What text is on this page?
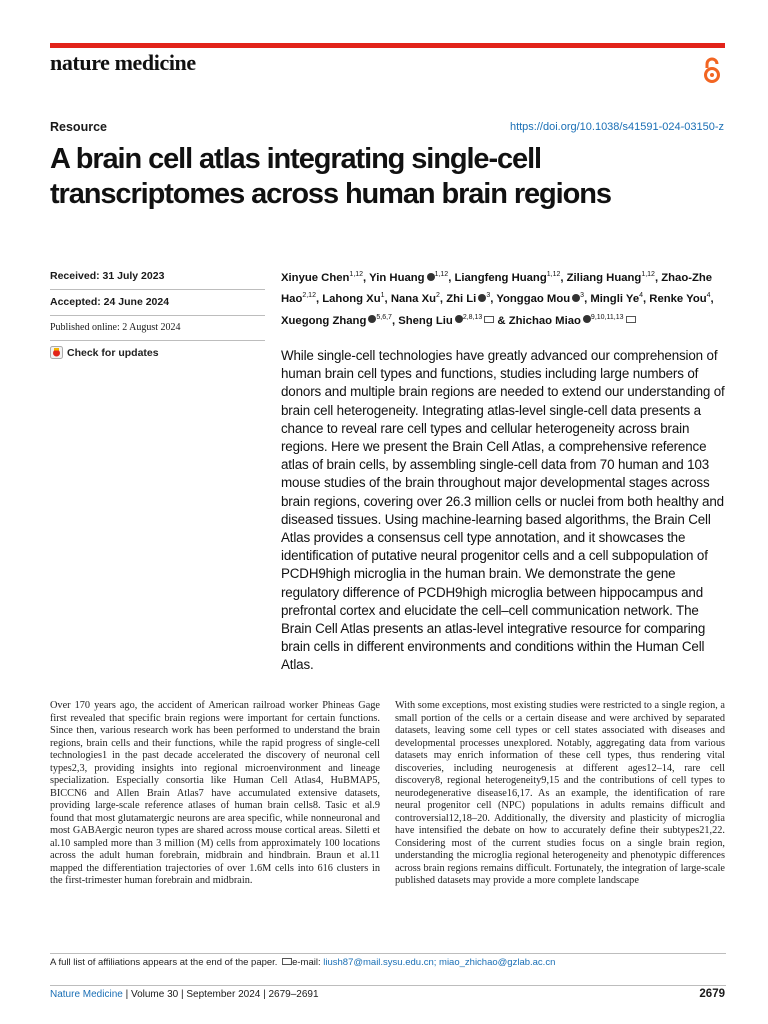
nature medicine
Resource	https://doi.org/10.1038/s41591-024-03150-z
A brain cell atlas integrating single-cell transcriptomes across human brain regions
Received: 31 July 2023
Accepted: 24 June 2024
Published online: 2 August 2024
Check for updates
Xinyue Chen$^{1,12}$, Yin Huang $^{1,12}$, Liangfeng Huang$^{1,12}$, Ziliang Huang$^{1,12}$, Zhao-Zhe Hao$^{2,12}$, Lahong Xu$^1$, Nana Xu$^2$, Zhi Li $^3$, Yonggao Mou $^3$, Mingli Ye$^4$, Renke You$^4$, Xuegong Zhang $^{5,6,7}$, Sheng Liu $^{2,8,13}$ & Zhichao Miao $^{9,10,11,13}$
While single-cell technologies have greatly advanced our comprehension of human brain cell types and functions, studies including large numbers of donors and multiple brain regions are needed to extend our understanding of brain cell heterogeneity. Integrating atlas-level single-cell data presents a chance to reveal rare cell types and cellular heterogeneity across brain regions. Here we present the Brain Cell Atlas, a comprehensive reference atlas of brain cells, by assembling single-cell data from 70 human and 103 mouse studies of the brain throughout major developmental stages across brain regions, covering over 26.3 million cells or nuclei from both healthy and diseased tissues. Using machine-learning based algorithms, the Brain Cell Atlas provides a consensus cell type annotation, and it showcases the identification of putative neural progenitor cells and a cell subpopulation of PCDH9high microglia in the human brain. We demonstrate the gene regulatory difference of PCDH9high microglia between hippocampus and prefrontal cortex and elucidate the cell–cell communication network. The Brain Cell Atlas presents an atlas-level integrative resource for comparing brain cells in different environments and conditions within the Human Cell Atlas.
Over 170 years ago, the accident of American railroad worker Phineas Gage first revealed that specific brain regions were important for certain functions. Since then, various research work has been performed to understand the brain regions, brain cells and their functions, while the rapid progress of single-cell technologies1 in the past decade accelerated the discovery of neuronal cell types2,3, providing insights into regional microenvironment and lineage specialization. Especially consortia like Human Cell Atlas4, HuBMAP5, BICCN6 and Allen Brain Atlas7 have accumulated extensive datasets, providing large-scale reference atlases of human brain cells8. Tasic et al.9 found that most glutamatergic neurons are area specific, while nonneuronal and most GABAergic neuron types are shared across mouse cortical areas. Siletti et al.10 sampled more than 3 million (M) cells from approximately 100 locations across the adult human forebrain, midbrain and hindbrain. Braun et al.11 mapped the differentiation trajectories of over 1.6M cells into 616 clusters in the first-trimester human forebrain and midbrain.
With some exceptions, most existing studies were restricted to a single region, a small portion of the cells or a certain disease and were archived by separated datasets, leaving some cell types or cell states associated with diseases and developmental processes unexplored. Notably, aggregating data from various datasets may enrich information of these cell types, thus rendering vital discoveries, including neurogenesis at different ages12–14, rare cell discovery8, regional heterogeneity9,15 and the contributions of cell types to neurodegenerative disease16,17. As an example, the identification of rare neural progenitor cell (NPC) populations in adults remains difficult and controversial12,18–20. Additionally, the diversity and plasticity of microglia have intensified the debate on how to accurately define their subtypes21,22. Considering most of the current studies focus on a single brain region, understanding the microglia regional heterogeneity and phenotypic differences across brain regions remains difficult. Fortunately, the integration of large-scale published datasets may provide a more complete landscape
A full list of affiliations appears at the end of the paper. e-mail: liush87@mail.sysu.edu.cn; miao_zhichao@gzlab.ac.cn
Nature Medicine | Volume 30 | September 2024 | 2679–2691	2679
